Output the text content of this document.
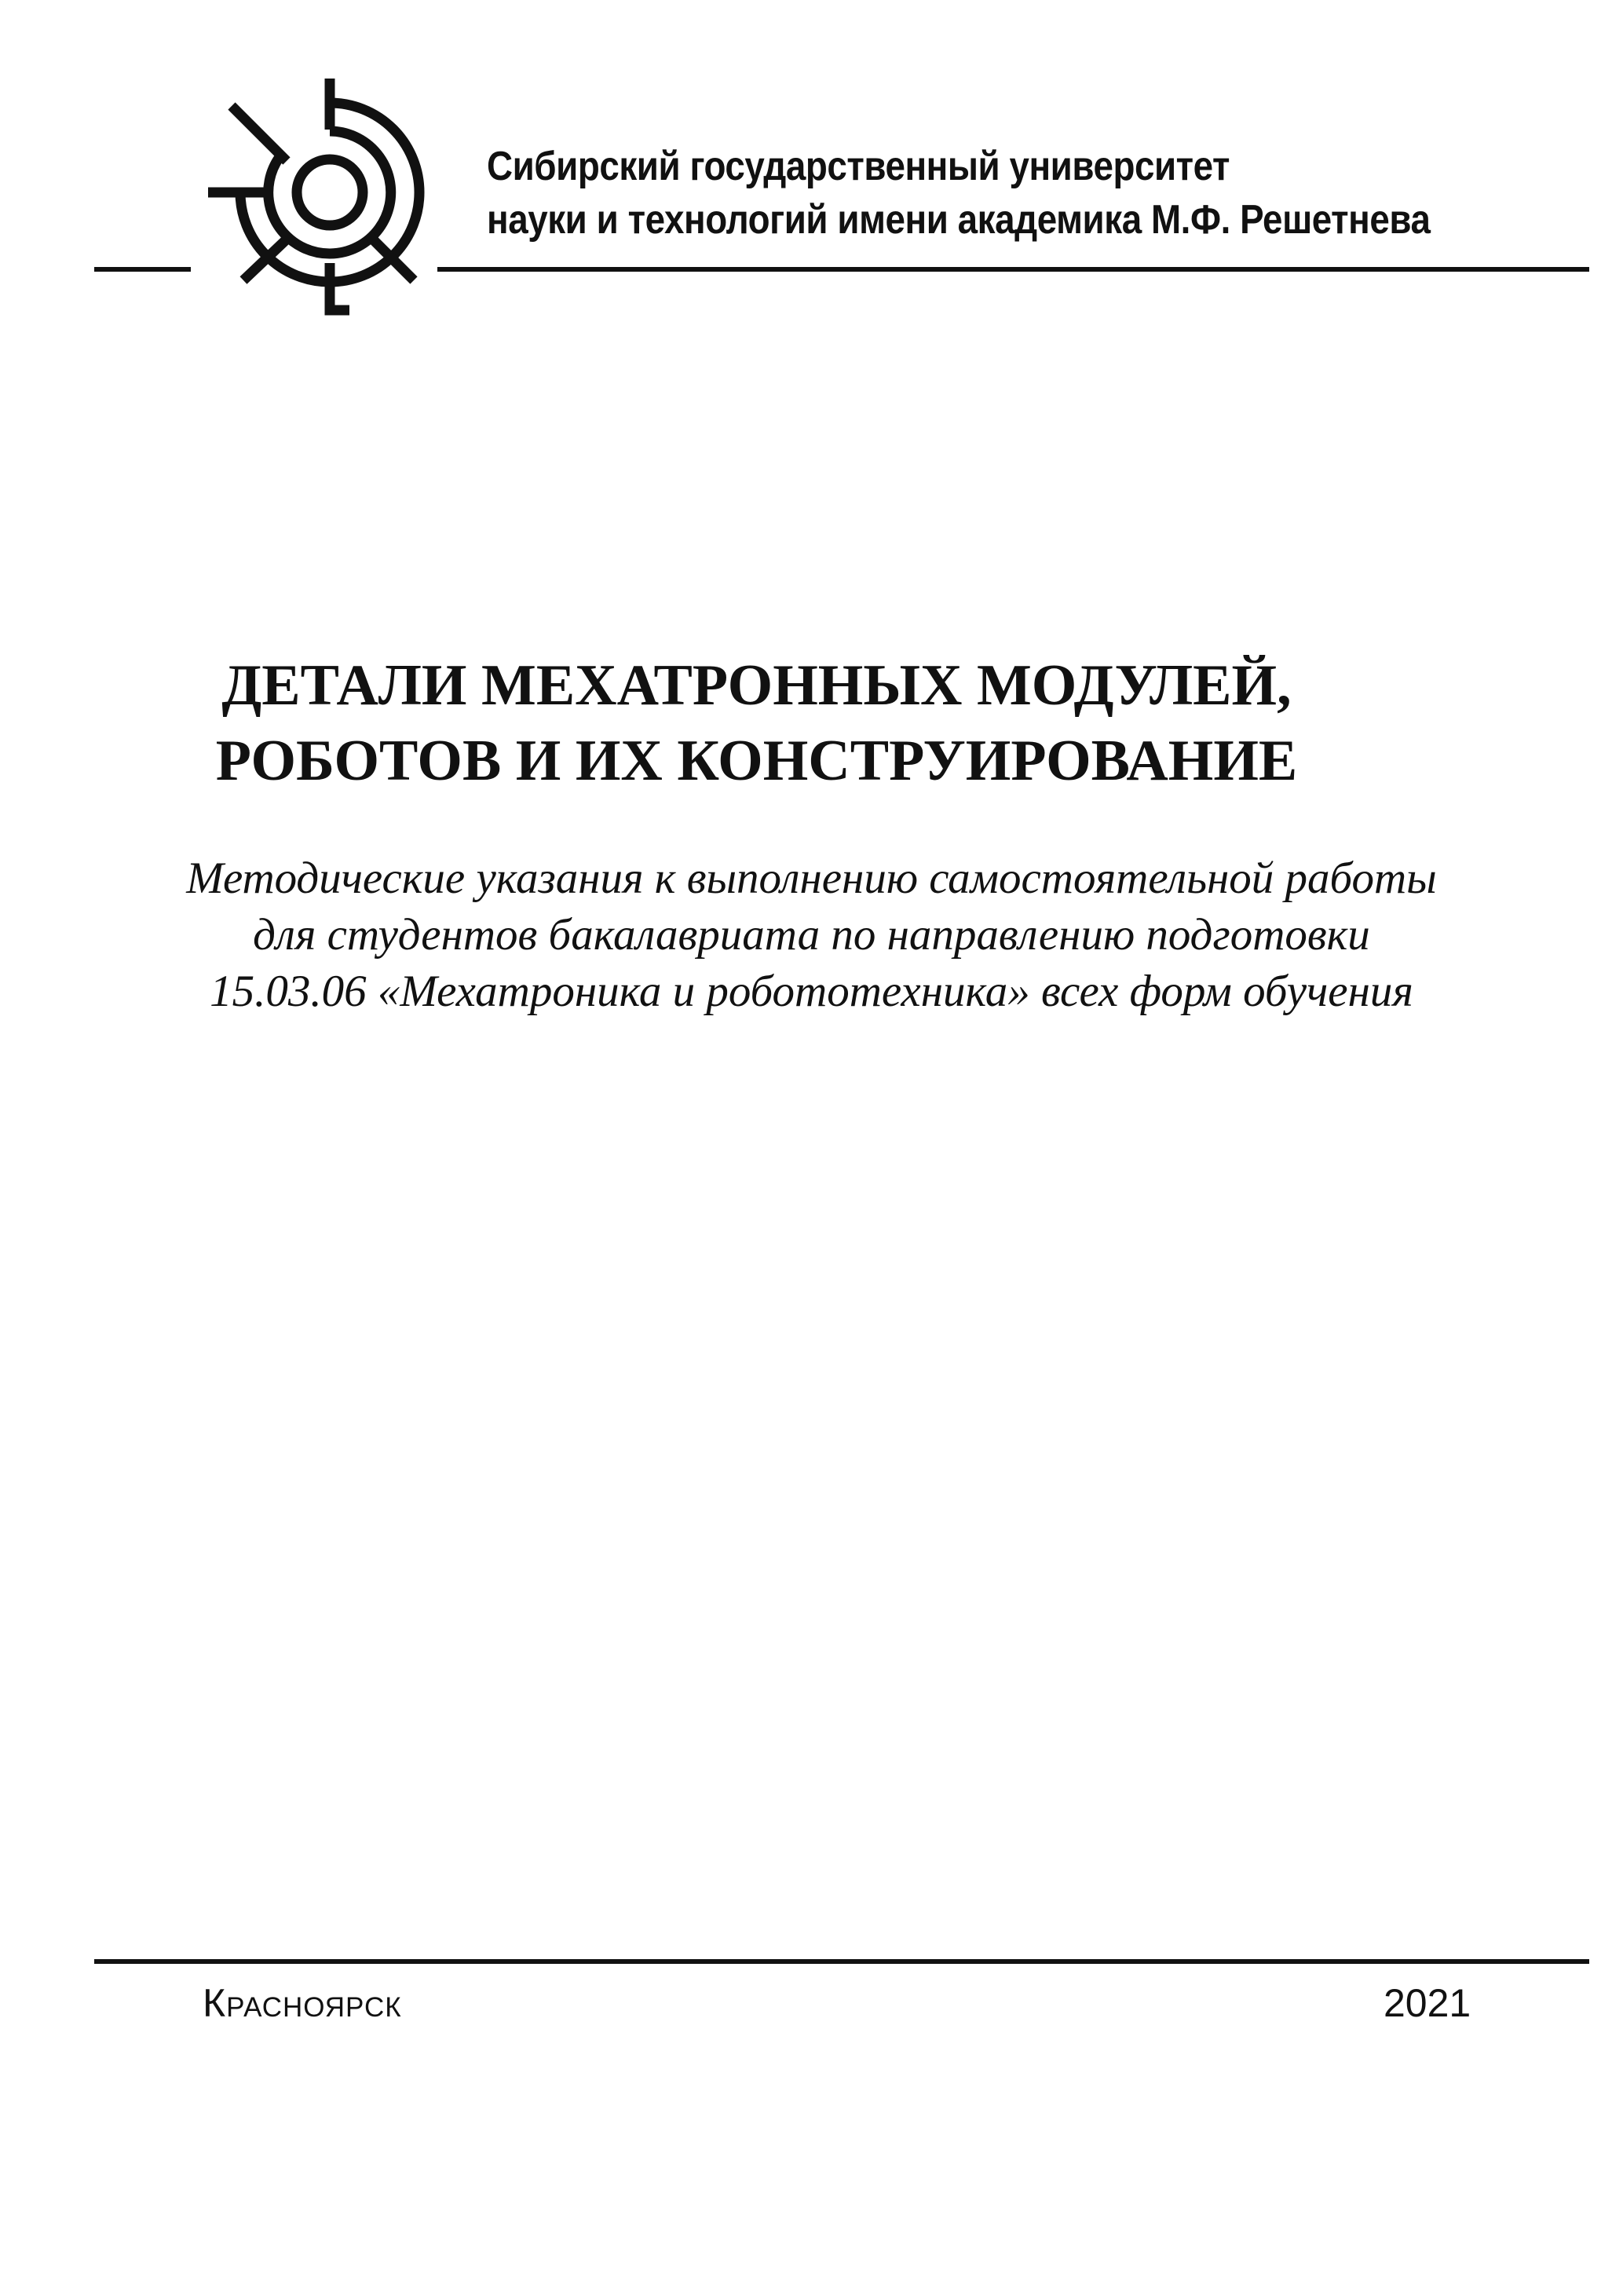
Сибирский государственный университет
науки и технологий имени академика М.Ф. Решетнева
ДЕТАЛИ МЕХАТРОННЫХ МОДУЛЕЙ,
РОБОТОВ И ИХ КОНСТРУИРОВАНИЕ
Методические указания к выполнению самостоятельной работы
для студентов бакалавриата по направлению подготовки
15.03.06 «Мехатроника и робототехника» всех форм обучения
Красноярск	2021
